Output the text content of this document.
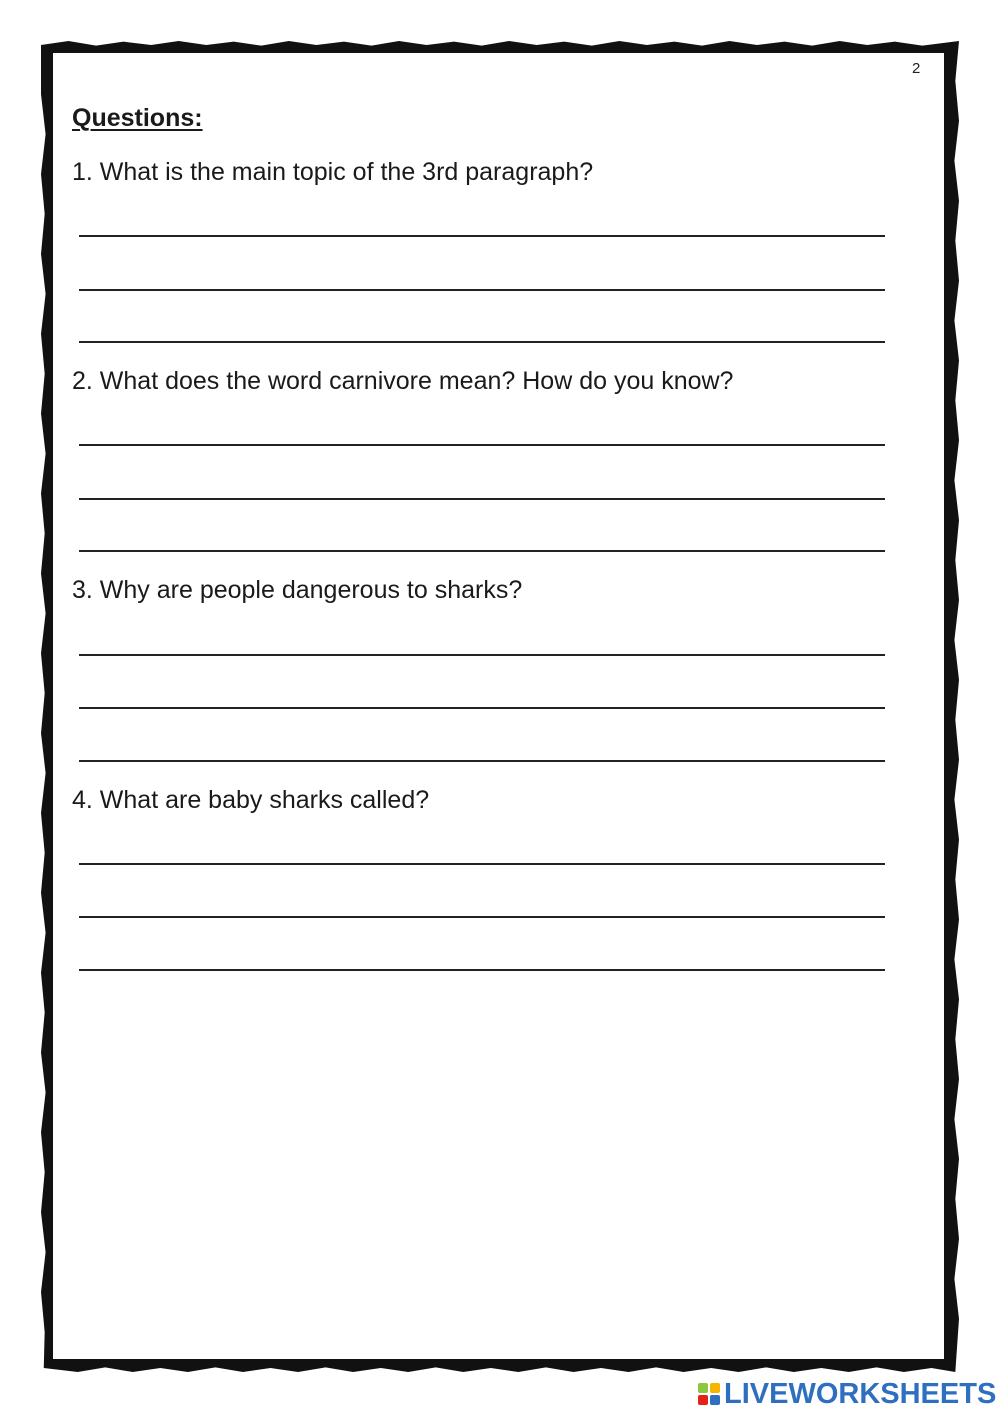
2
Questions:
1. What is the main topic of the 3rd paragraph?
2. What does the word carnivore mean? How do you know?
3. Why are people dangerous to sharks?
4. What are baby sharks called?
LIVEWORKSHEETS
